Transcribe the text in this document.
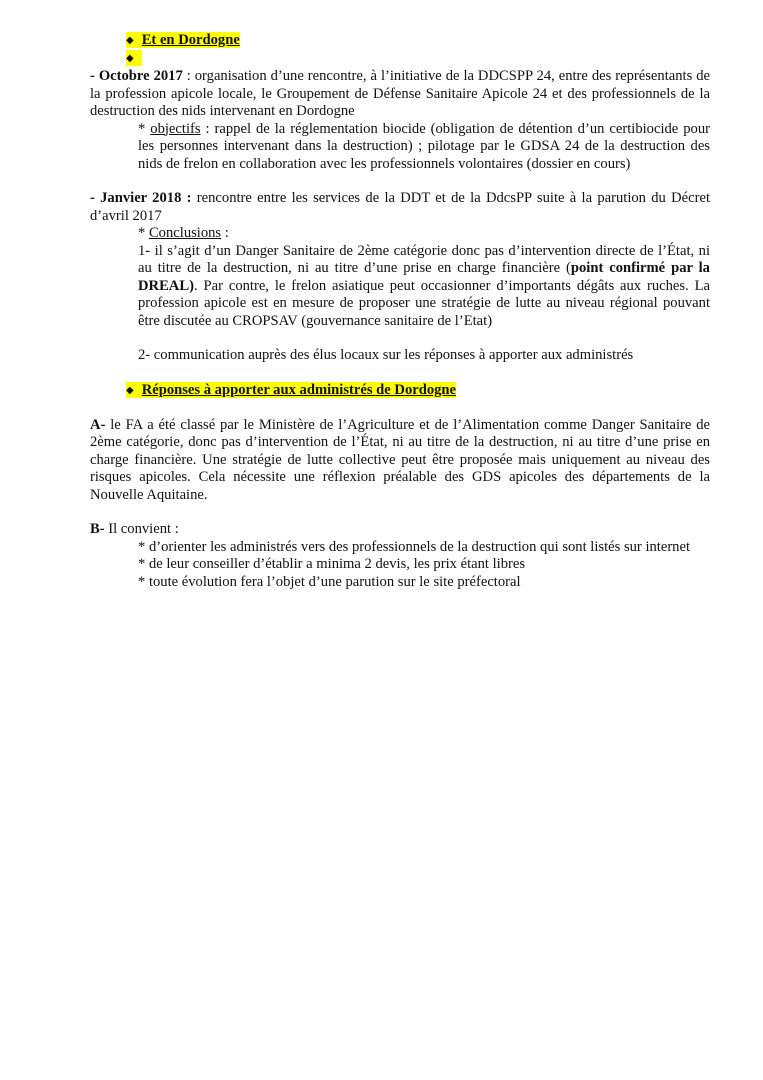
◆ Et en Dordogne
◆

- Octobre 2017 : organisation d’une rencontre, à l’initiative de la DDCSPP 24, entre des représentants de la profession apicole locale, le Groupement de Défense Sanitaire Apicole 24 et des professionnels de la destruction des nids intervenant en Dordogne

* objectifs : rappel de la réglementation biocide (obligation de détention d’un certibiocide pour les personnes intervenant dans la destruction) ; pilotage par le GDSA 24 de la destruction des nids de frelon en collaboration avec les professionnels volontaires (dossier en cours)

- Janvier 2018 : rencontre entre les services de la DDT et de la DdcsPP suite à la parution du Décret d’avril 2017

* Conclusions :

1- il s’agit d’un Danger Sanitaire de 2ème catégorie donc pas d’intervention directe de l’État, ni au titre de la destruction, ni au titre d’une prise en charge financière (point confirmé par la DREAL). Par contre, le frelon asiatique peut occasionner d’importants dégâts aux ruches. La profession apicole est en mesure de proposer une stratégie de lutte au niveau régional pouvant être discutée au CROPSAV (gouvernance sanitaire de l’Etat)

2- communication auprès des élus locaux sur les réponses à apporter aux administrés

◆ Réponses à apporter aux administrés de Dordogne

A- le FA a été classé par le Ministère de l’Agriculture et de l’Alimentation comme Danger Sanitaire de 2ème catégorie, donc pas d’intervention de l’État, ni au titre de la destruction, ni au titre d’une prise en charge financière. Une stratégie de lutte collective peut être proposée mais uniquement au niveau des risques apicoles. Cela nécessite une réflexion préalable des GDS apicoles des départements de la Nouvelle Aquitaine.

B- Il convient :

* d’orienter les administrés vers des professionnels de la destruction qui sont listés sur internet
* de leur conseiller d’établir a minima 2 devis, les prix étant libres
* toute évolution fera l’objet d’une parution sur le site préfectoral
